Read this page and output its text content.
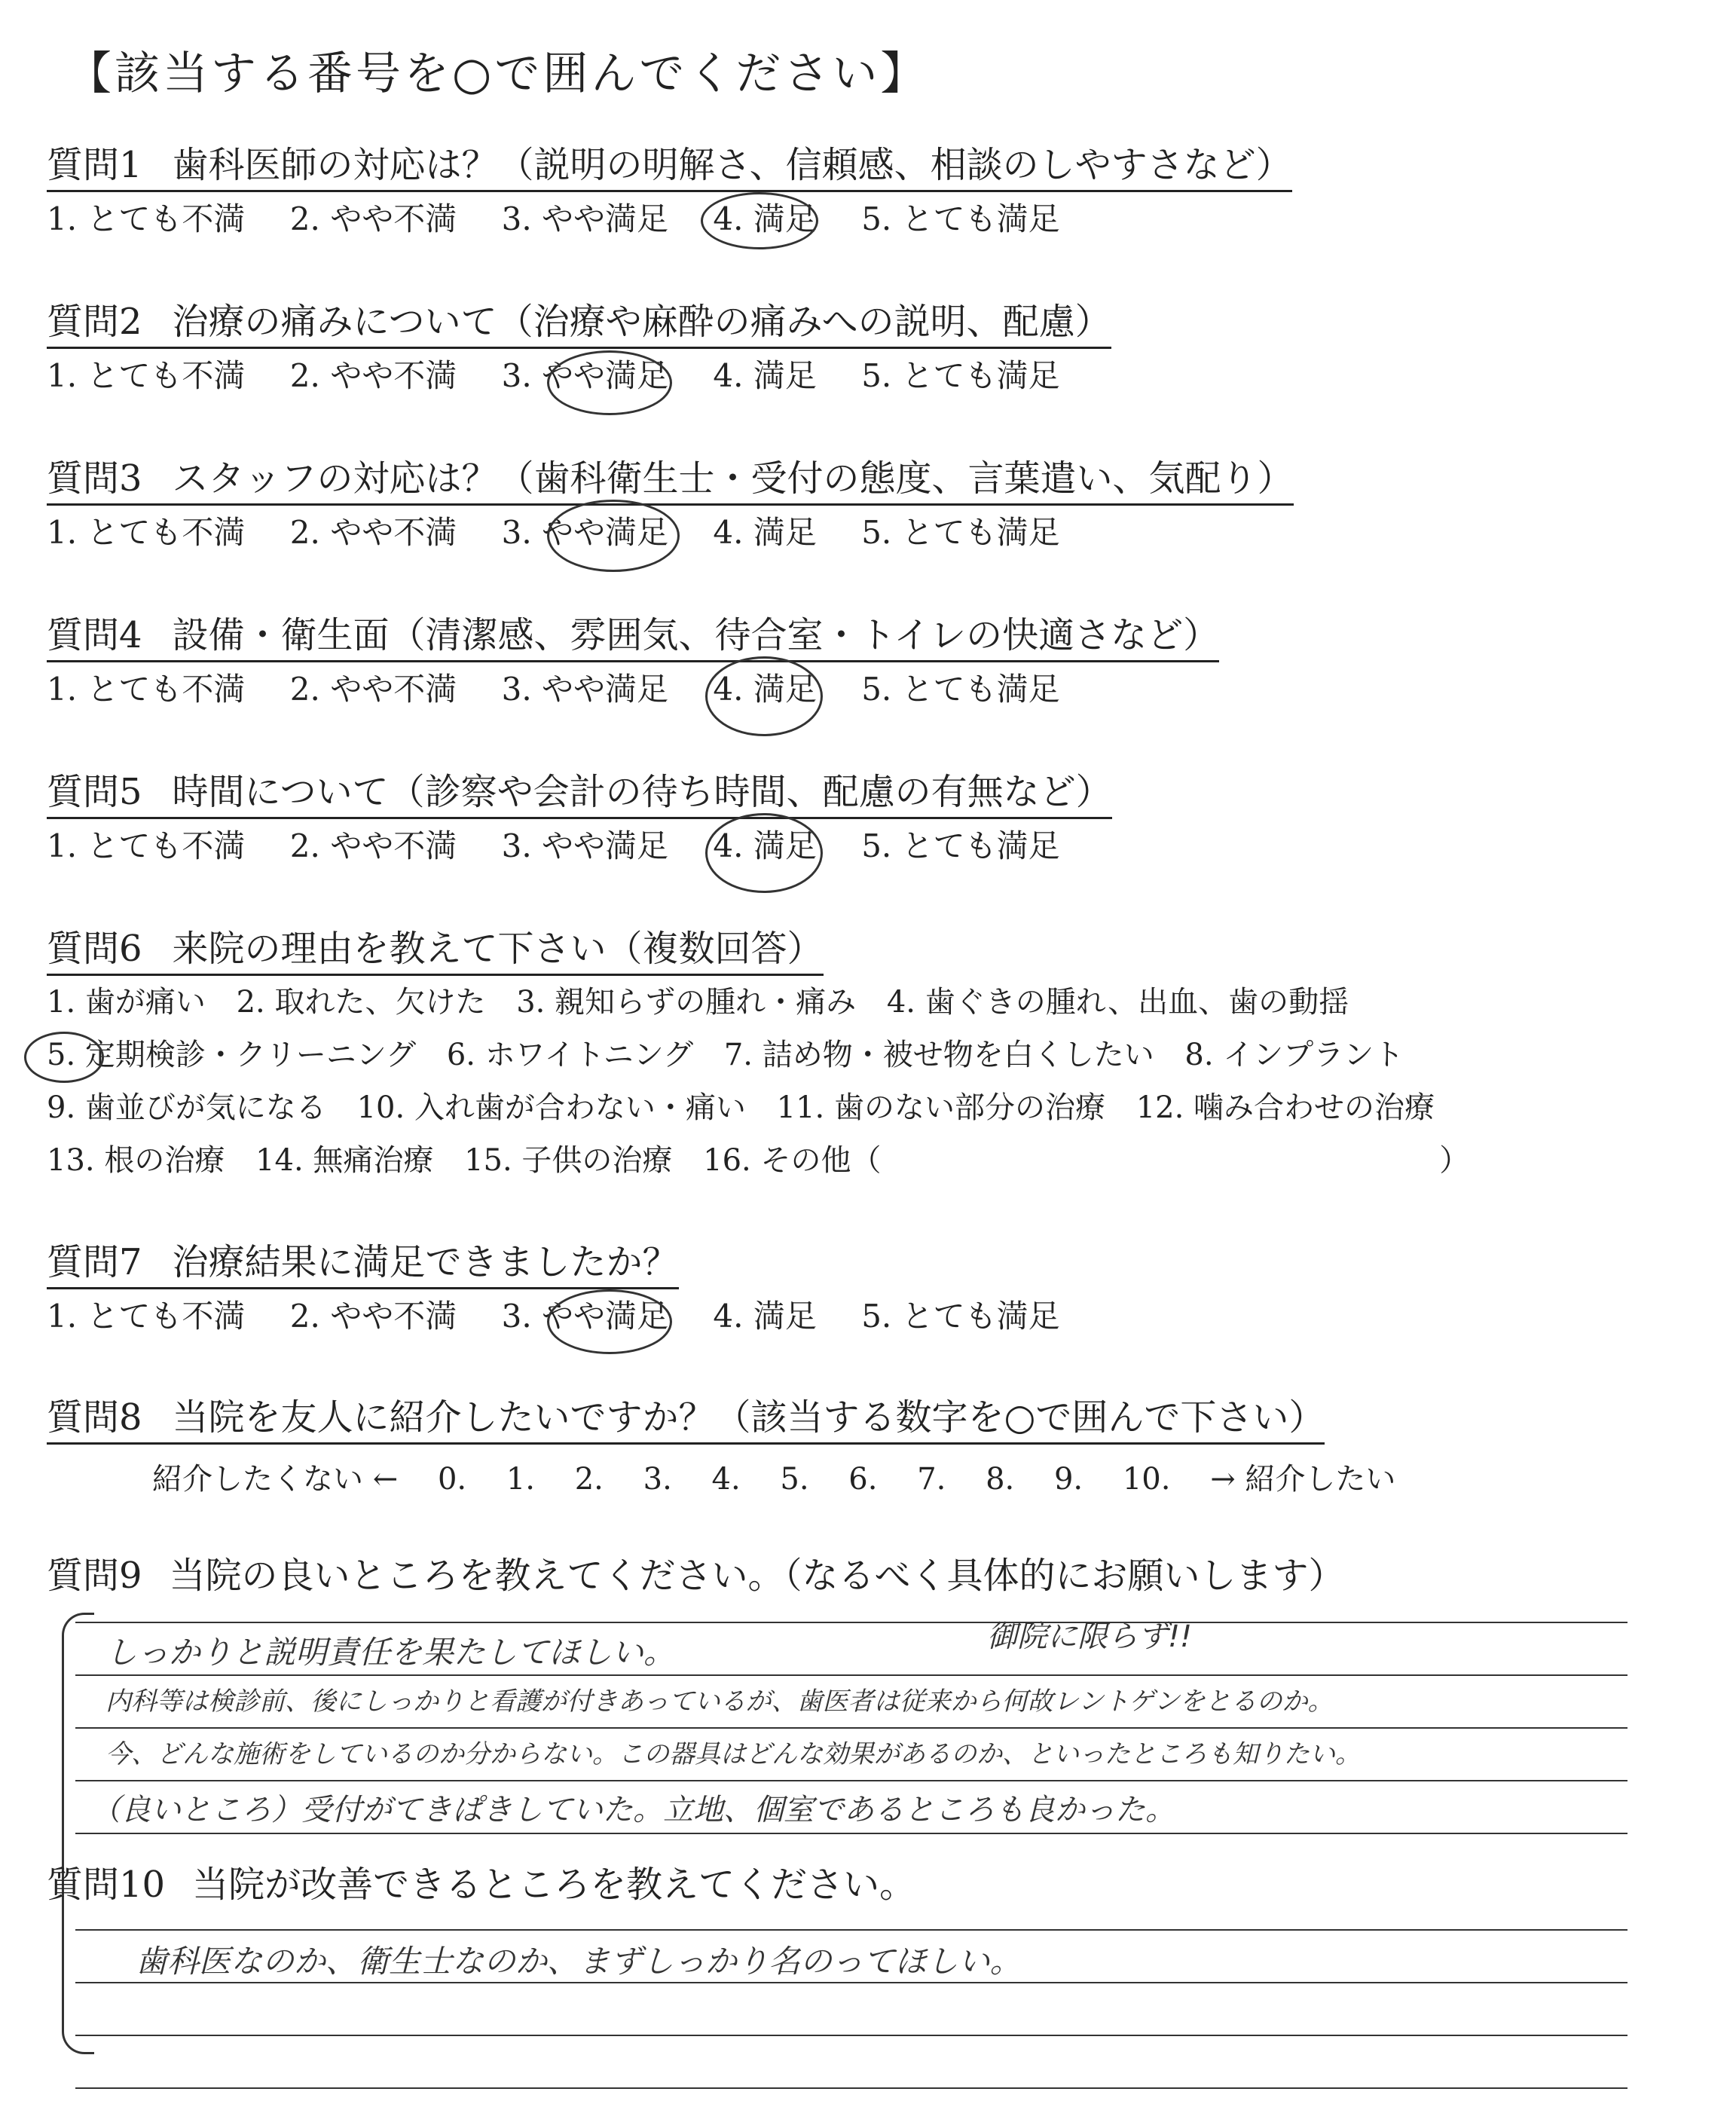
【該当する番号を○で囲んでください】
質問1 歯科医師の対応は？（説明の明解さ、信頼感、相談のしやすさなど）
1. とても不満 2. やや不満 3. やや満足 4. 満足 5. とても満足
質問2 治療の痛みについて（治療や麻酔の痛みへの説明、配慮）
1. とても不満 2. やや不満 3. やや満足 4. 満足 5. とても満足
質問3 スタッフの対応は？（歯科衛生士・受付の態度、言葉遣い、気配り）
1. とても不満 2. やや不満 3. やや満足 4. 満足 5. とても満足
質問4 設備・衛生面（清潔感、雰囲気、待合室・トイレの快適さなど）
1. とても不満 2. やや不満 3. やや満足 4. 満足 5. とても満足
質問5 時間について（診察や会計の待ち時間、配慮の有無など）
1. とても不満 2. やや不満 3. やや満足 4. 満足 5. とても満足
質問6 来院の理由を教えて下さい（複数回答）
1. 歯が痛い 2. 取れた、欠けた 3. 親知らずの腫れ・痛み 4. 歯ぐきの腫れ、出血、歯の動揺
5. 定期検診・クリーニング 6. ホワイトニング 7. 詰め物・被せ物を白くしたい 8. インプラント
9. 歯並びが気になる 10. 入れ歯が合わない・痛い 11. 歯のない部分の治療 12. 噛み合わせの治療
13. 根の治療 14. 無痛治療 15. 子供の治療 16. その他（	）
質問7 治療結果に満足できましたか？
1. とても不満 2. やや不満 3. やや満足 4. 満足 5. とても満足
質問8 当院を友人に紹介したいですか？（該当する数字を○で囲んで下さい）
紹介したくない ← 0. 1. 2. 3. 4. 5. 6. 7. 8. 9. 10. → 紹介したい
質問9 当院の良いところを教えてください。（なるべく具体的にお願いします）
しっかりと説明責任を果たしてほしい。	御院に限らず!!
内科等は検診前、後にしっかりと看護が付きあっているが、歯医者は従来から何故レントゲンをとるのか。
今、どんな施術をしているのか分からない。この器具はどんな効果があるのか、といったところも知りたい。
（良いところ）受付がてきぱきしていた。立地、個室であるところも良かった。
質問10 当院が改善できるところを教えてください。
歯科医なのか、衛生士なのか、まずしっかり名のってほしい。
